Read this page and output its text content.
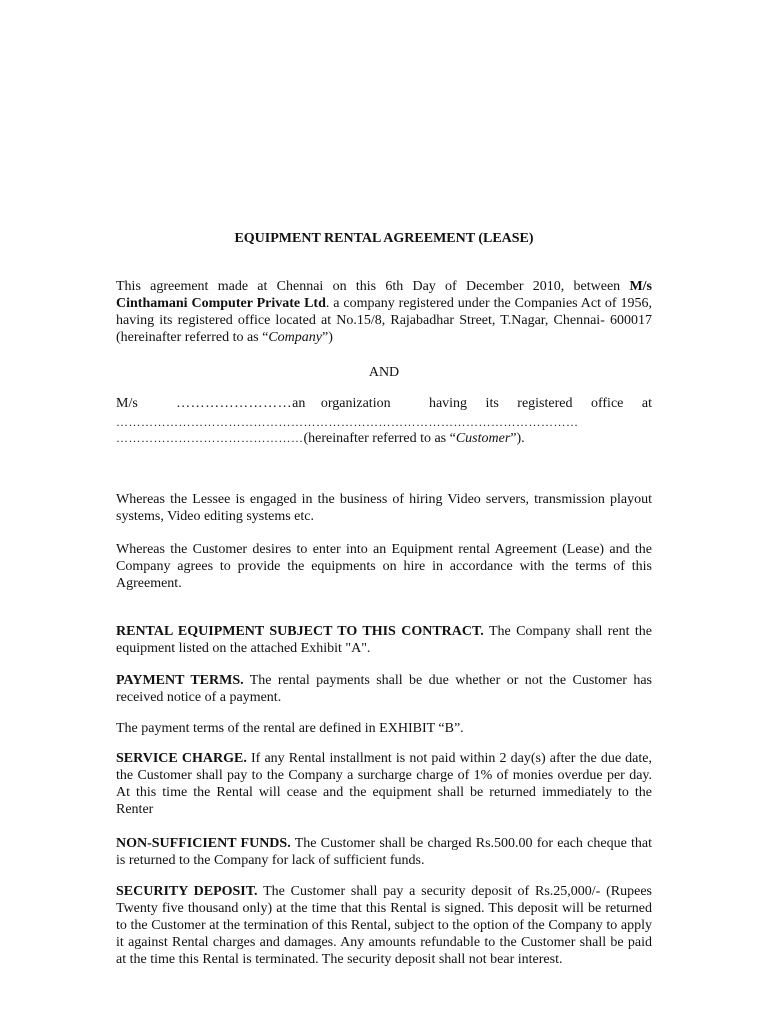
EQUIPMENT RENTAL AGREEMENT (LEASE)
This agreement made at Chennai on this 6th Day of December 2010, between M/s Cinthamani Computer Private Ltd. a company registered under the Companies Act of 1956, having its registered office located at No.15/8, Rajabadhar Street, T.Nagar, Chennai- 600017 (hereinafter referred to as “Company”)
AND
M/s	……………………an organization	having its registered office at
…………………………………………………………………………………………………
………………………………………(hereinafter referred to as “Customer”).
Whereas the Lessee is engaged in the business of hiring Video servers, transmission playout systems, Video editing systems etc.
Whereas the Customer desires to enter into an Equipment rental Agreement (Lease) and the Company agrees to provide the equipments on hire in accordance with the terms of this Agreement.
RENTAL EQUIPMENT SUBJECT TO THIS CONTRACT. The Company shall rent the equipment listed on the attached Exhibit "A".
PAYMENT TERMS. The rental payments shall be due whether or not the Customer has received notice of a payment.
The payment terms of the rental are defined in EXHIBIT “B”.
SERVICE CHARGE. If any Rental installment is not paid within 2 day(s) after the due date, the Customer shall pay to the Company a surcharge charge of 1% of monies overdue per day. At this time the Rental will cease and the equipment shall be returned immediately to the Renter
NON-SUFFICIENT FUNDS. The Customer shall be charged Rs.500.00 for each cheque that is returned to the Company for lack of sufficient funds.
SECURITY DEPOSIT. The Customer shall pay a security deposit of Rs.25,000/- (Rupees Twenty five thousand only) at the time that this Rental is signed. This deposit will be returned to the Customer at the termination of this Rental, subject to the option of the Company to apply it against Rental charges and damages. Any amounts refundable to the Customer shall be paid at the time this Rental is terminated. The security deposit shall not bear interest.
